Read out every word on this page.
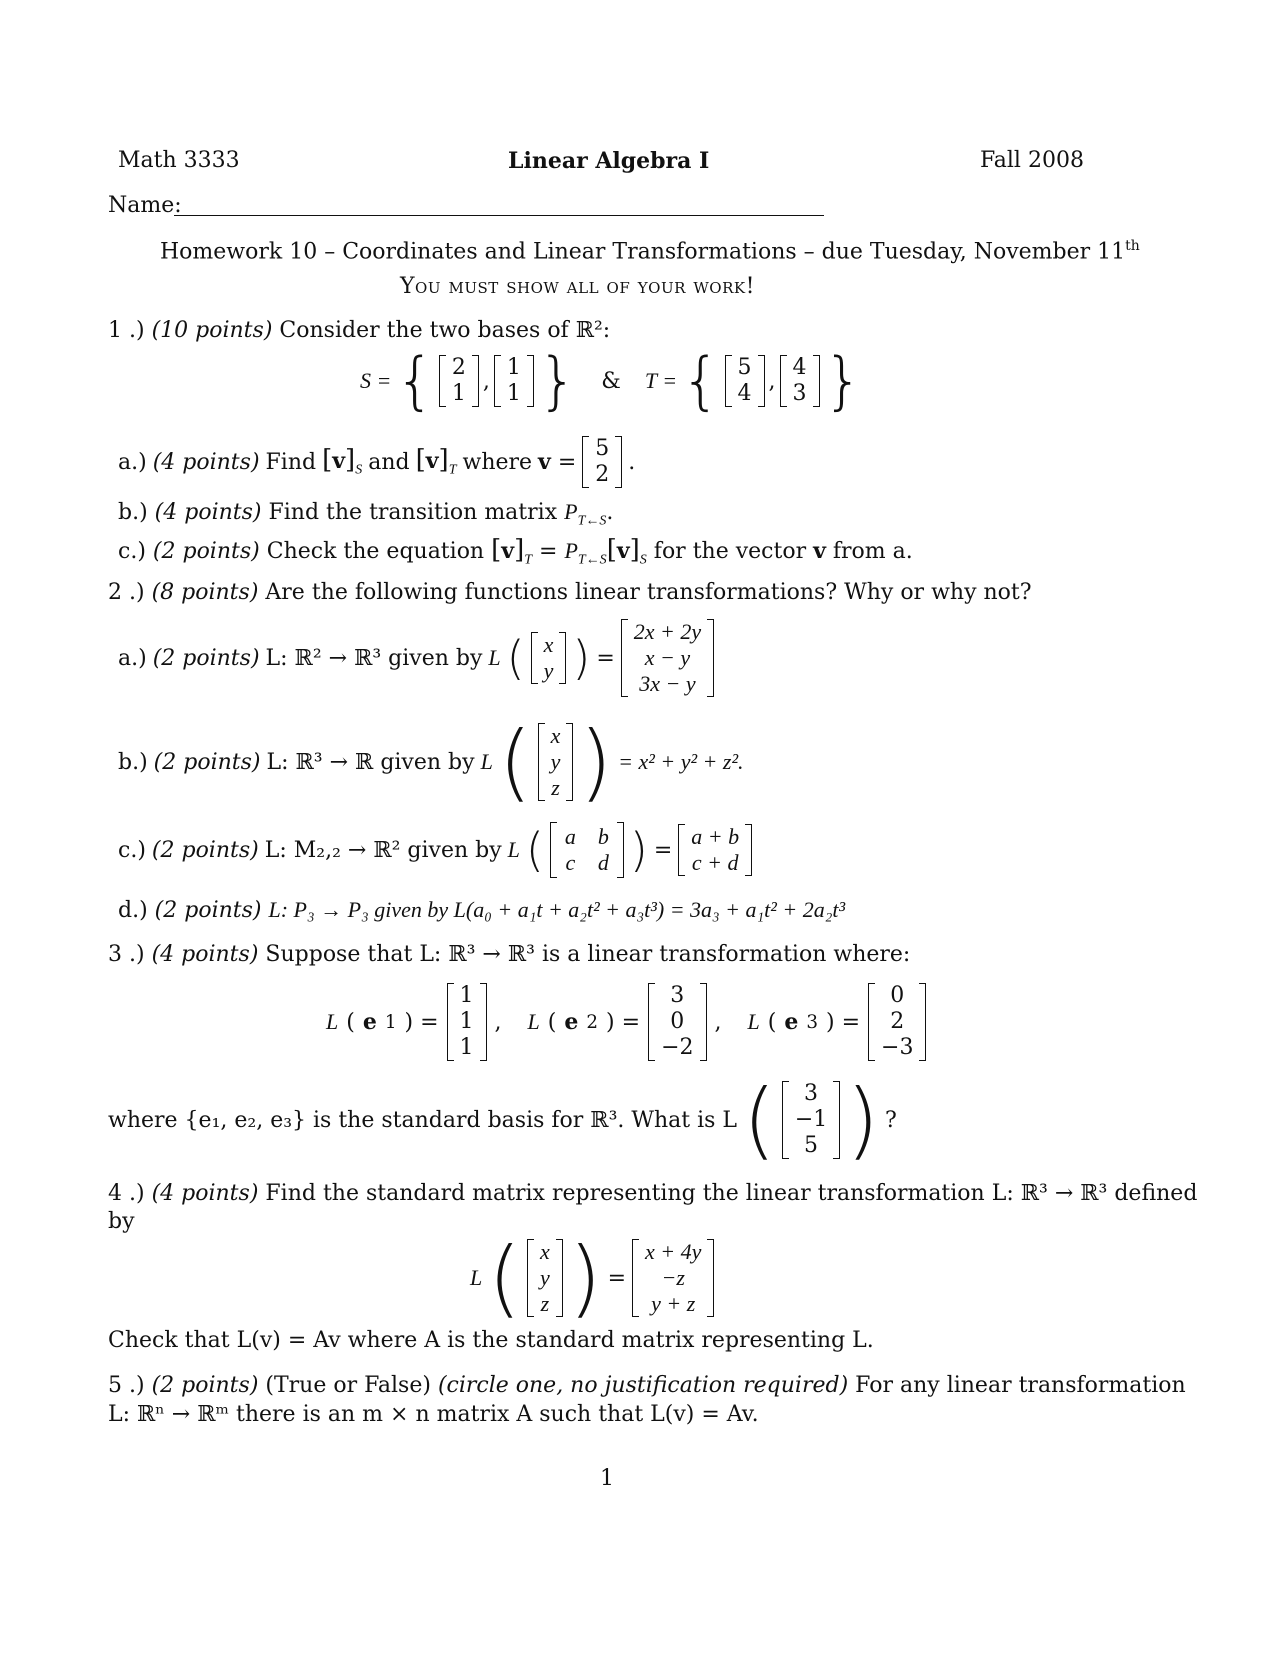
Math 3333	Linear Algebra I	Fall 2008
Name:
Homework 10 – Coordinates and Linear Transformations – due Tuesday, November 11th
You must show all of your work!
1 .) (10 points) Consider the two bases of ℝ²:
S = { 2
1 ,
1
1 } & T = { 5
4 ,
4
3 }
a.) (4 points) Find $[v]_S$ and $[v]_T$ where v =
5
2 .
b.) (4 points) Find the transition matrix $P_{T\leftarrow S}$.
c.) (2 points) Check the equation $[v]_T = P_{T\leftarrow S}[v]_S$ for the vector v from a.
2 .) (8 points) Are the following functions linear transformations? Why or why not?
a.) (2 points) L: ℝ² → ℝ³ given by L ( x
y ) =
2x + 2y
x − y
3x − y
b.) (2 points) L: ℝ³ → ℝ given by L ( x
y
z ) = x² + y² + z².
c.) (2 points) L: M₂,₂ → ℝ² given by L ( a b
c d ) =
a + b
c + d
d.) (2 points) L: P₃ → P₃ given by L(a₀ + a₁t + a₂t² + a₃t³) = 3a₃ + a₁t² + 2a₂t³
3 .) (4 points) Suppose that L: ℝ³ → ℝ³ is a linear transformation where:
L ( e 1 ) =
1
1
1
, L ( e 2 ) =
3
0
−2
, L ( e 3 ) =
0
2
−3
where {e₁, e₂, e₃} is the standard basis for ℝ³. What is L (	3
−1
5 ) ?
4 .) (4 points) Find the standard matrix representing the linear transformation L: ℝ³ → ℝ³ defined
by
L ( x
y
z ) =
x + 4y
−z
y + z
Check that L(v) = Av where A is the standard matrix representing L.
5 .) (2 points) (True or False) (circle one, no justification required) For any linear transformation
L: ℝⁿ → ℝᵐ there is an m × n matrix A such that L(v) = Av.
1
